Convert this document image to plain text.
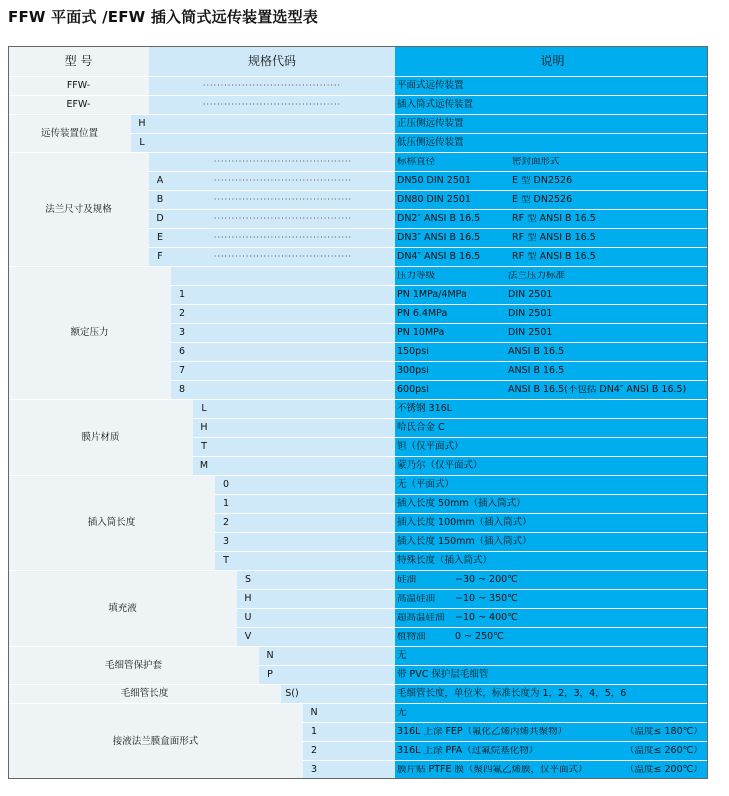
FFW 平面式 /EFW 插入筒式远传装置选型表
型 号	规格代码	说明
FFW-	·······································	平面式远传装置
EFW-	·······································	插入筒式远传装置
远传装置位置
H	正压侧远传装置
L	低压侧远传装置
法兰尺寸及规格
·······································	标称直径	密封面形式
A	·······································	DN50 DIN 2501	E 型 DN2526
B	·······································	DN80 DIN 2501	E 型 DN2526
D	·······································	DN2″ ANSI B 16.5	RF 型 ANSI B 16.5
E	·······································	DN3″ ANSI B 16.5	RF 型 ANSI B 16.5
F	·······································	DN4″ ANSI B 16.5	RF 型 ANSI B 16.5
额定压力
压力等级	法兰压力标准
1	PN 1MPa/4MPa	DIN 2501
2	PN 6.4MPa	DIN 2501
3	PN 10MPa	DIN 2501
6	150psi	ANSI B 16.5
7	300psi	ANSI B 16.5
8	600psi	ANSI B 16.5(不包括 DN4″ ANSI B 16.5)
膜片材质
L	不锈钢 316L
H	哈氏合金 C
T	钽（仅平面式）
M	蒙乃尔（仅平面式）
插入筒长度
0	无（平面式）
1	插入长度 50mm（插入筒式）
2	插入长度 100mm（插入筒式）
3	插入长度 150mm（插入筒式）
T	特殊长度（插入筒式）
填充液
S	硅油	−30 ~ 200℃
H	高温硅油 −10 ~ 350℃
U	超高温硅油 −10 ~ 400℃
V	植物油	0 ~ 250℃
毛细管保护套
N	无
P	带 PVC 保护层毛细管
毛细管长度	S()	毛细管长度，单位米，标准长度为 1，2，3，4，5，6
接液法兰膜盒面形式
N	无
1	316L 上涂 FEP（氟化乙烯丙烯共聚物）	（温度≤ 180℃）
2	316L 上涂 PFA（过氟烷基化物）	（温度≤ 260℃）
3	膜片贴 PTFE 膜（聚四氟乙烯膜，仅平面式）	（温度≤ 200℃）
